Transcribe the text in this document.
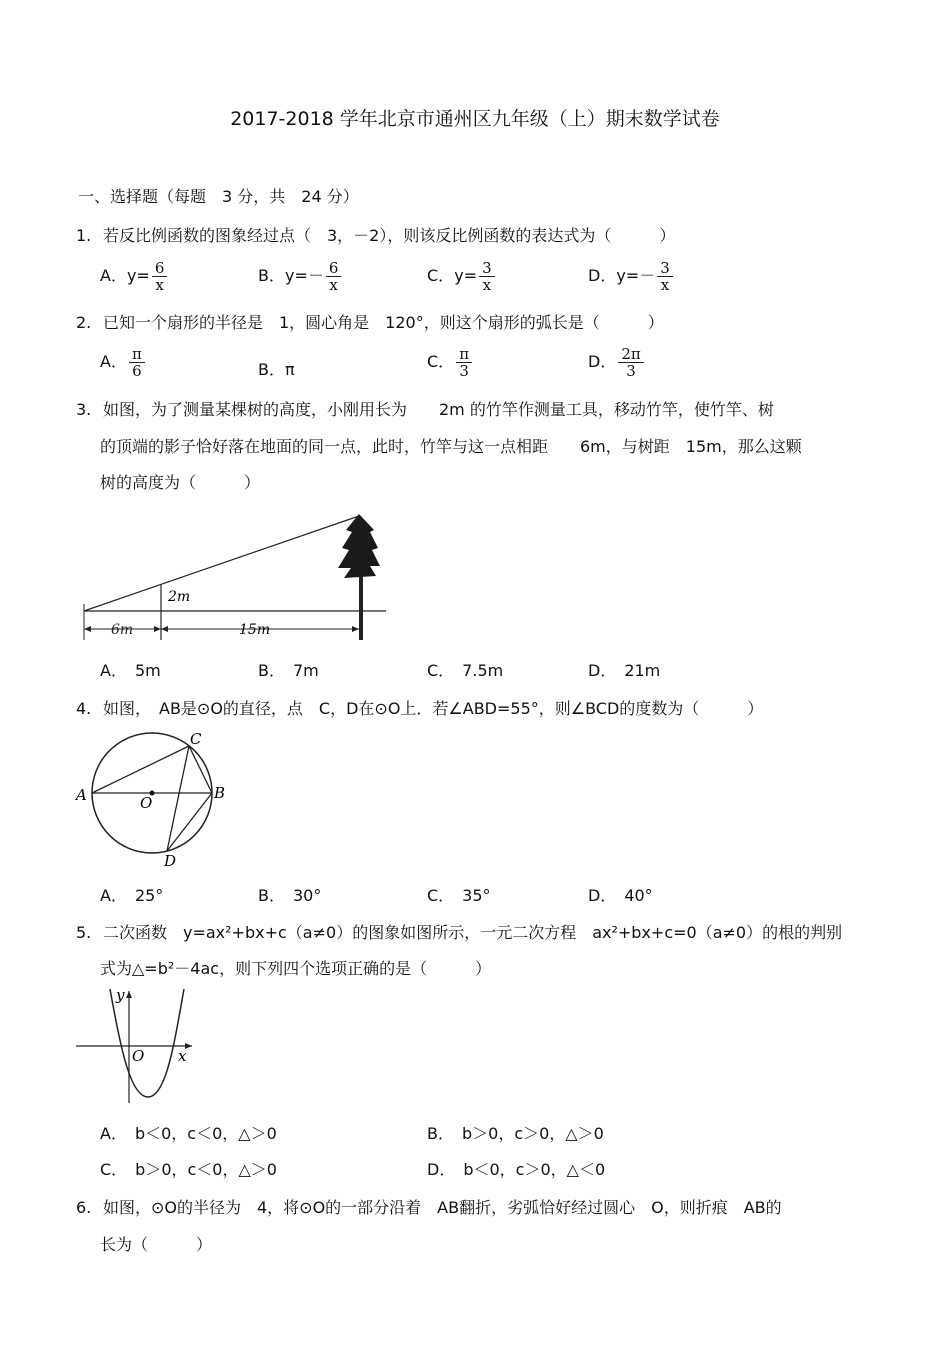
2017-2018 学年北京市通州区九年级（上）期末数学试卷
一、选择题（每题　3 分，共　24 分）
1. 若反比例函数的图象经过点（　3，－2），则该反比例函数的表达式为（　　　）
A．$y= \frac{6}{x}$	B．$y=- \frac{6}{x}$	C．$y= \frac{3}{x}$	D．$y=- \frac{3}{x}$
2. 已知一个扇形的半径是　1，圆心角是　120°，则这个扇形的弧长是（　　　）
A． $\frac{\pi}{6}$	B．π	C． $\frac{\pi}{3}$	D． $\frac{2\pi}{3}$
3. 如图，为了测量某棵树的高度，小刚用长为　　2m 的竹竿作测量工具，移动竹竿，使竹竿、树
的顶端的影子恰好落在地面的同一点，此时，竹竿与这一点相距　　6m，与树距　15m，那么这颗
树的高度为（　　　）
2m
6m	15m
A．　5m	B．　7m	C．　7.5m	D．　21m
4. 如图，　AB是⊙O的直径，点　C，D在⊙O上．若∠ABD=55°，则∠BCD的度数为（　　　）
A	B
C
D
O
A．　25°	B．　30°	C．　35°	D．　40°
5. 二次函数　y=ax²+bx+c（a≠0）的图象如图所示，一元二次方程　ax²+bx+c=0（a≠0）的根的判别
式为△=b²－4ac，则下列四个选项正确的是（　　　）
y
x
O
A．　b＜0，c＜0，△＞0	B．　b＞0，c＞0，△＞0
C．　b＞0，c＜0，△＞0	D．　b＜0，c＞0，△＜0
6. 如图，⊙O的半径为　4，将⊙O的一部分沿着　AB翻折，劣弧恰好经过圆心　O，则折痕　AB的
长为（　　　）
